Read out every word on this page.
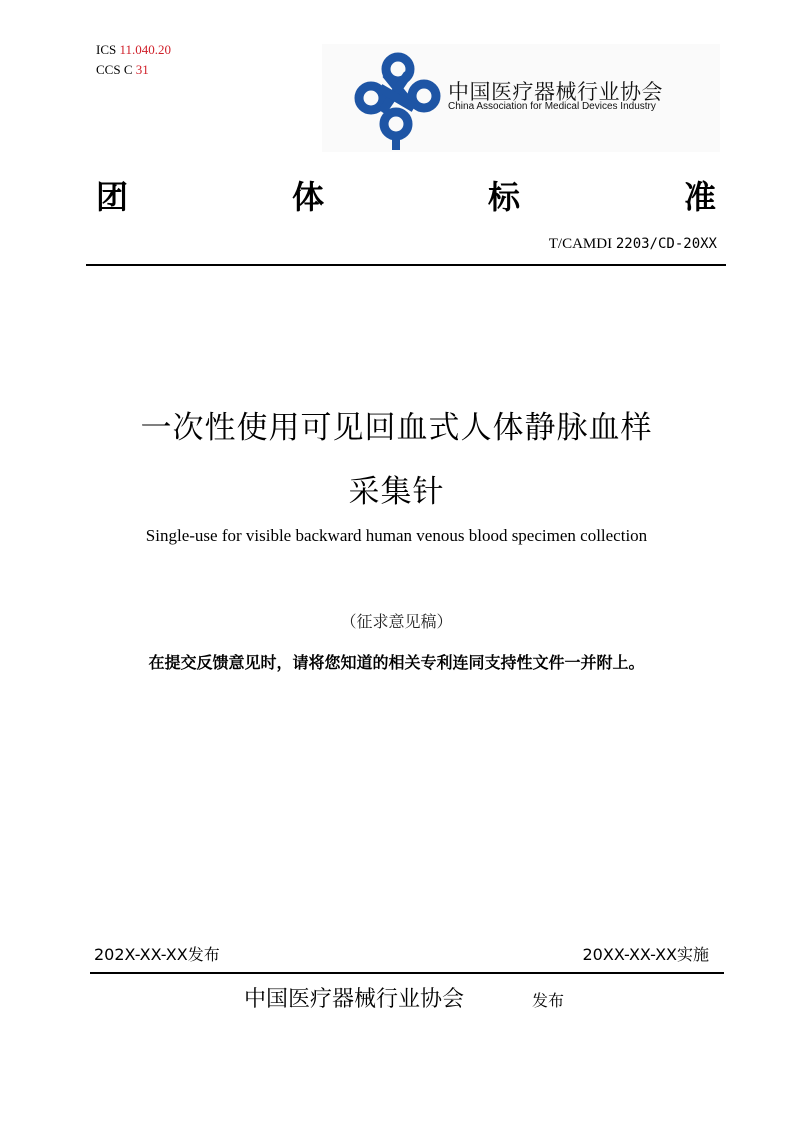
ICS 11.040.20
CCS C 31
中国医疗器械行业协会
China Association for Medical Devices Industry
团	体	标	准
T/CAMDI 2203/CD-20XX
一次性使用可见回血式人体静脉血样
采集针
Single-use for visible backward human venous blood specimen collection
（征求意见稿）
在提交反馈意见时，请将您知道的相关专利连同支持性文件一并附上。
202X-XX-XX发布	20XX-XX-XX实施
中国医疗器械行业协会	发布
